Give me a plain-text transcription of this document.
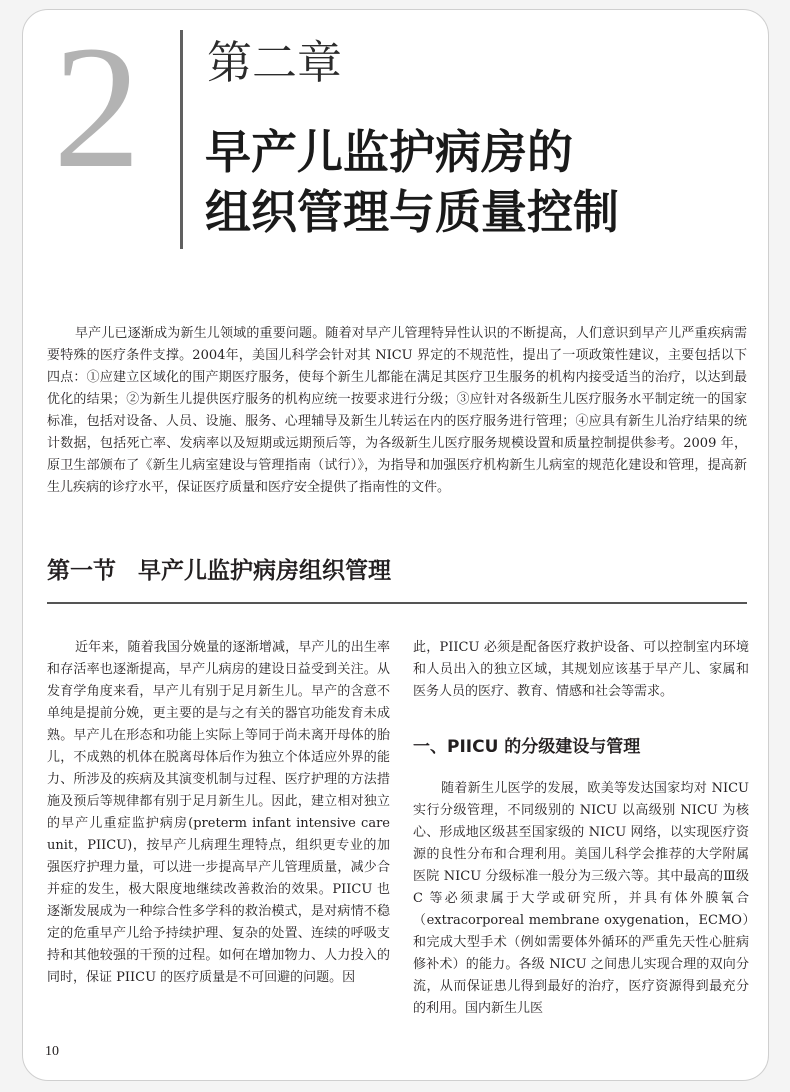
2 第二章
早产儿监护病房的
组织管理与质量控制

早产儿已逐渐成为新生儿领域的重要问题。随着对早产儿管理特异性认识的不断提高，人们意识到早产儿严重疾病需要特殊的医疗条件支撑。2004年，美国儿科学会针对其 NICU 界定的不规范性，提出了一项政策性建议，主要包括以下四点：①应建立区域化的围产期医疗服务，使每个新生儿都能在满足其医疗卫生服务的机构内接受适当的治疗，以达到最优化的结果；②为新生儿提供医疗服务的机构应统一按要求进行分级；③应针对各级新生儿医疗服务水平制定统一的国家标准，包括对设备、人员、设施、服务、心理辅导及新生儿转运在内的医疗服务进行管理；④应具有新生儿治疗结果的统计数据，包括死亡率、发病率以及短期或远期预后等，为各级新生儿医疗服务规模设置和质量控制提供参考。2009 年，原卫生部颁布了《新生儿病室建设与管理指南（试行）》，为指导和加强医疗机构新生儿病室的规范化建设和管理，提高新生儿疾病的诊疗水平，保证医疗质量和医疗安全提供了指南性的文件。

第一节 早产儿监护病房组织管理

近年来，随着我国分娩量的逐渐增减，早产儿的出生率和存活率也逐渐提高，早产儿病房的建设日益受到关注。从发育学角度来看，早产儿有别于足月新生儿。早产的含意不单纯是提前分娩，更主要的是与之有关的器官功能发育未成熟。早产儿在形态和功能上实际上等同于尚未离开母体的胎儿，不成熟的机体在脱离母体后作为独立个体适应外界的能力、所涉及的疾病及其演变机制与过程、医疗护理的方法措施及预后等规律都有别于足月新生儿。因此，建立相对独立的早产儿重症监护病房(preterm infant intensive care unit，PIICU)，按早产儿病理生理特点，组织更专业的加强医疗护理力量，可以进一步提高早产儿管理质量，减少合并症的发生，极大限度地继续改善救治的效果。PIICU 也逐渐发展成为一种综合性多学科的救治模式，是对病情不稳定的危重早产儿给予持续护理、复杂的处置、连续的呼吸支持和其他较强的干预的过程。如何在增加物力、人力投入的同时，保证 PIICU 的医疗质量是不可回避的问题。因

此，PIICU 必须是配备医疗救护设备、可以控制室内环境和人员出入的独立区域，其规划应该基于早产儿、家属和医务人员的医疗、教育、情感和社会等需求。

一、PIICU 的分级建设与管理

随着新生儿医学的发展，欧美等发达国家均对 NICU 实行分级管理，不同级别的 NICU 以高级别 NICU 为核心、形成地区级甚至国家级的 NICU 网络，以实现医疗资源的良性分布和合理利用。美国儿科学会推荐的大学附属医院 NICU 分级标准一般分为三级六等。其中最高的Ⅲ级 C 等必须隶属于大学或研究所，并具有体外膜氧合（extracorporeal membrane oxygenation，ECMO）和完成大型手术（例如需要体外循环的严重先天性心脏病修补术）的能力。各级 NICU 之间患儿实现合理的双向分流，从而保证患儿得到最好的治疗，医疗资源得到最充分的利用。国内新生儿医

10
